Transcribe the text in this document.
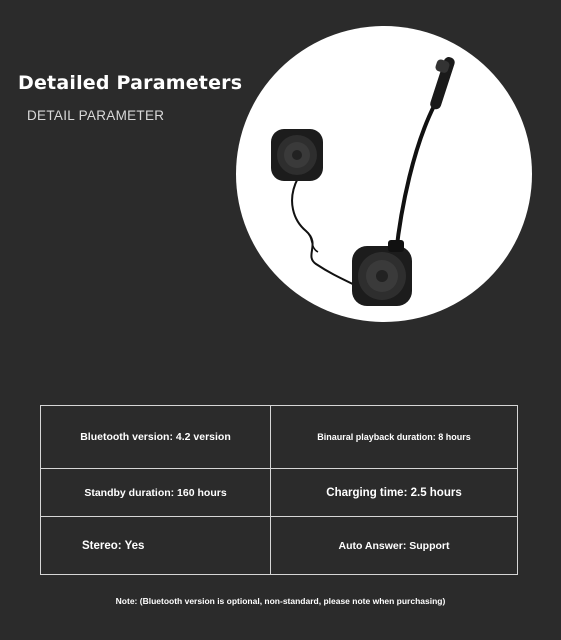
Detailed Parameters
DETAIL PARAMETER
Bluetooth version: 4.2 version	Binaural playback duration: 8 hours
Standby duration: 160 hours	Charging time: 2.5 hours
Stereo: Yes	Auto Answer: Support
Note: (Bluetooth version is optional, non-standard, please note when purchasing)
